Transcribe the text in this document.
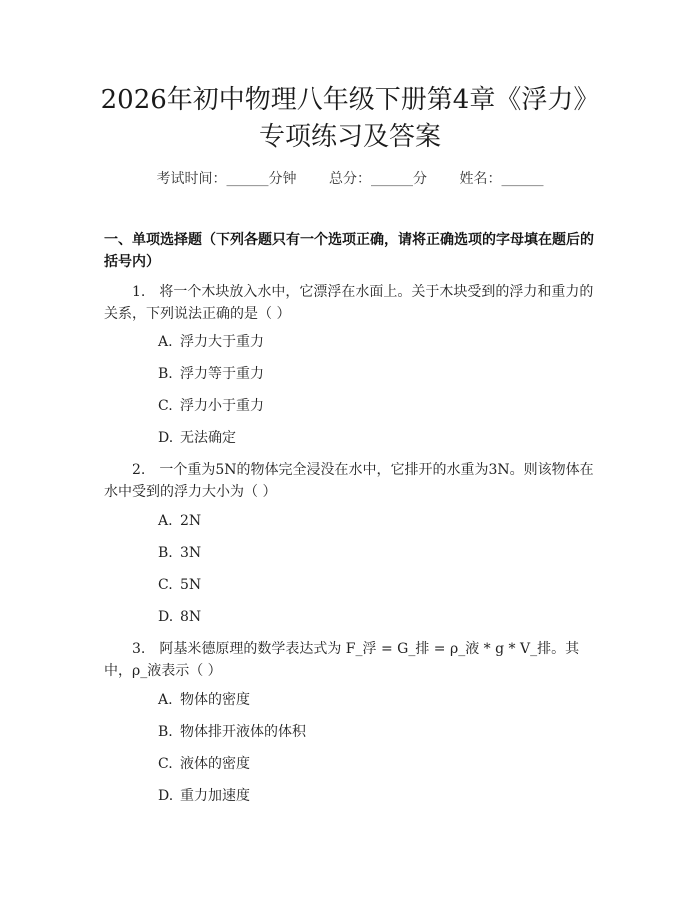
2026年初中物理八年级下册第4章《浮力》
专项练习及答案
考试时间：______分钟 总分：______分 姓名：______
一、单项选择题（下列各题只有一个选项正确，请将正确选项的字母填在题后的括号内）
1.　将一个木块放入水中，它漂浮在水面上。关于木块受到的浮力和重力的关系，下列说法正确的是（ ）
A. 浮力大于重力
B. 浮力等于重力
C. 浮力小于重力
D. 无法确定
2.　一个重为5N的物体完全浸没在水中，它排开的水重为3N。则该物体在水中受到的浮力大小为（ ）
A. 2N
B. 3N
C. 5N
D. 8N
3.　阿基米德原理的数学表达式为 F_浮 = G_排 = ρ_液 * g * V_排。其中，ρ_液表示（ ）
A. 物体的密度
B. 物体排开液体的体积
C. 液体的密度
D. 重力加速度
